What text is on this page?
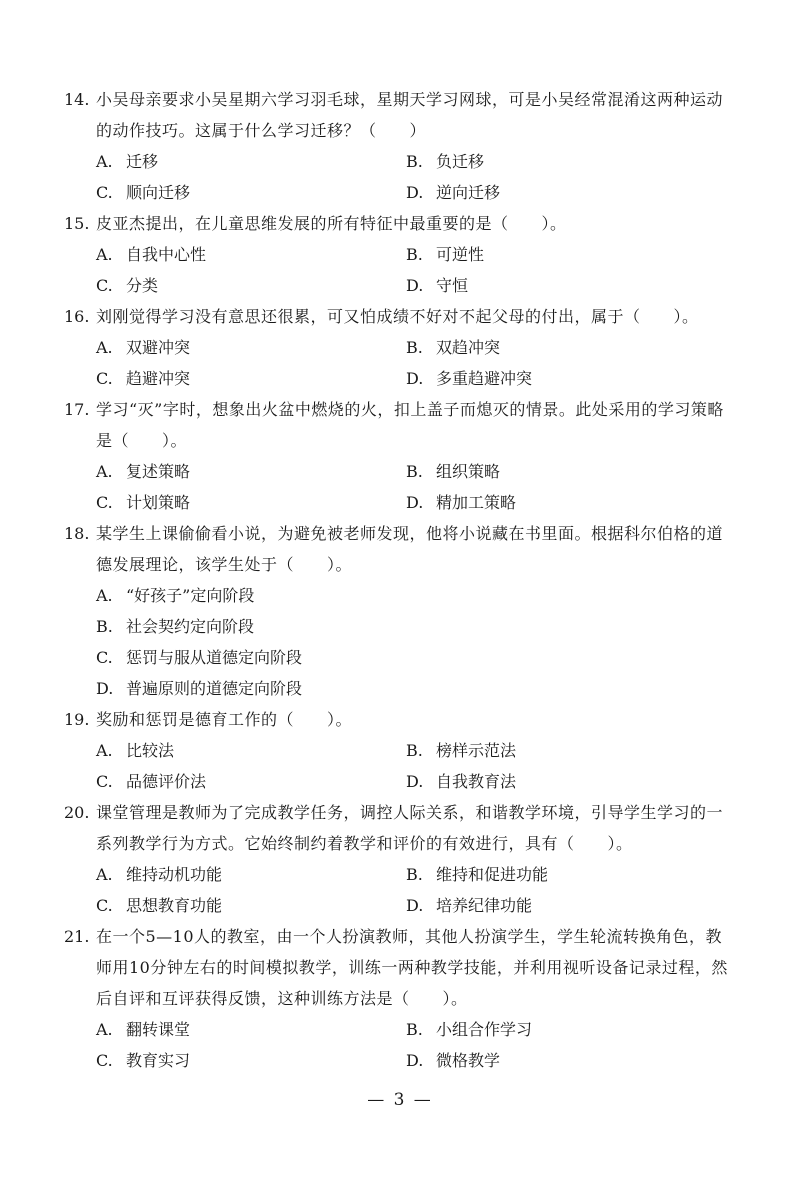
14. 小吴母亲要求小吴星期六学习羽毛球，星期天学习网球，可是小吴经常混淆这两种运动的动作技巧。这属于什么学习迁移？（　　）
A. 迁移	B. 负迁移
C. 顺向迁移	D. 逆向迁移
15. 皮亚杰提出，在儿童思维发展的所有特征中最重要的是（　　）。
A. 自我中心性	B. 可逆性
C. 分类	D. 守恒
16. 刘刚觉得学习没有意思还很累，可又怕成绩不好对不起父母的付出，属于（　　）。
A. 双避冲突	B. 双趋冲突
C. 趋避冲突	D. 多重趋避冲突
17. 学习“灭”字时，想象出火盆中燃烧的火，扣上盖子而熄灭的情景。此处采用的学习策略是（　　）。
A. 复述策略	B. 组织策略
C. 计划策略	D. 精加工策略
18. 某学生上课偷偷看小说，为避免被老师发现，他将小说藏在书里面。根据科尔伯格的道德发展理论，该学生处于（　　）。
A. “好孩子”定向阶段
B. 社会契约定向阶段
C. 惩罚与服从道德定向阶段
D. 普遍原则的道德定向阶段
19. 奖励和惩罚是德育工作的（　　）。
A. 比较法	B. 榜样示范法
C. 品德评价法	D. 自我教育法
20. 课堂管理是教师为了完成教学任务，调控人际关系，和谐教学环境，引导学生学习的一系列教学行为方式。它始终制约着教学和评价的有效进行，具有（　　）。
A. 维持动机功能	B. 维持和促进功能
C. 思想教育功能	D. 培养纪律功能
21. 在一个5—10人的教室，由一个人扮演教师，其他人扮演学生，学生轮流转换角色，教师用10分钟左右的时间模拟教学，训练一两种教学技能，并利用视听设备记录过程，然后自评和互评获得反馈，这种训练方法是（　　）。
A. 翻转课堂	B. 小组合作学习
C. 教育实习	D. 微格教学
— 3 —
